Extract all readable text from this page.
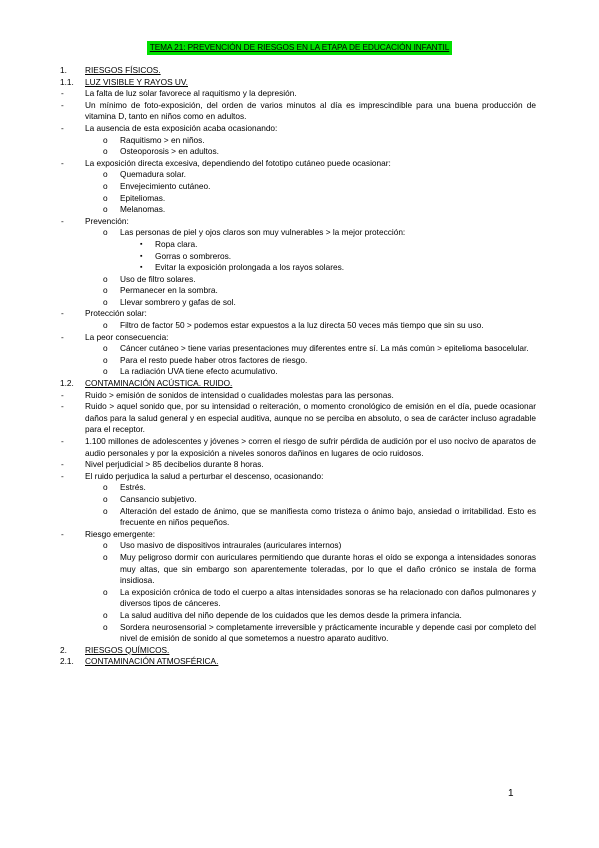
TEMA 21: PREVENCIÓN DE RIESGOS EN LA ETAPA DE EDUCACIÓN INFANTIL
1. RIESGOS FÍSICOS.
1.1. LUZ VISIBLE Y RAYOS UV.
- La falta de luz solar favorece al raquitismo y la depresión.
- Un mínimo de foto-exposición, del orden de varios minutos al día es imprescindible para una buena producción de vitamina D, tanto en niños como en adultos.
- La ausencia de esta exposición acaba ocasionando:
o Raquitismo > en niños.
o Osteoporosis > en adultos.
- La exposición directa excesiva, dependiendo del fototipo cutáneo puede ocasionar:
o Quemadura solar.
o Envejecimiento cutáneo.
o Epiteliomas.
o Melanomas.
- Prevención:
o Las personas de piel y ojos claros son muy vulnerables > la mejor protección:
▪ Ropa clara.
▪ Gorras o sombreros.
▪ Evitar la exposición prolongada a los rayos solares.
o Uso de filtro solares.
o Permanecer en la sombra.
o Llevar sombrero y gafas de sol.
- Protección solar:
o Filtro de factor 50 > podemos estar expuestos a la luz directa 50 veces más tiempo que sin su uso.
- La peor consecuencia:
o Cáncer cutáneo > tiene varias presentaciones muy diferentes entre sí. La más común > epitelioma basocelular.
o Para el resto puede haber otros factores de riesgo.
o La radiación UVA tiene efecto acumulativo.
1.2. CONTAMINACIÓN ACÚSTICA. RUIDO.
- Ruido > emisión de sonidos de intensidad o cualidades molestas para las personas.
- Ruido > aquel sonido que, por su intensidad o reiteración, o momento cronológico de emisión en el día, puede ocasionar daños para la salud general y en especial auditiva, aunque no se perciba en absoluto, o sea de carácter incluso agradable para el receptor.
- 1.100 millones de adolescentes y jóvenes > corren el riesgo de sufrir pérdida de audición por el uso nocivo de aparatos de audio personales y por la exposición a niveles sonoros dañinos en lugares de ocio ruidosos.
- Nivel perjudicial > 85 decibelios durante 8 horas.
- El ruido perjudica la salud a perturbar el descenso, ocasionando:
o Estrés.
o Cansancio subjetivo.
o Alteración del estado de ánimo, que se manifiesta como tristeza o ánimo bajo, ansiedad o irritabilidad. Esto es frecuente en niños pequeños.
- Riesgo emergente:
o Uso masivo de dispositivos intraurales (auriculares internos)
o Muy peligroso dormir con auriculares permitiendo que durante horas el oído se exponga a intensidades sonoras muy altas, que sin embargo son aparentemente toleradas, por lo que el daño crónico se instala de forma insidiosa.
o La exposición crónica de todo el cuerpo a altas intensidades sonoras se ha relacionado con daños pulmonares y diversos tipos de cánceres.
o La salud auditiva del niño depende de los cuidados que les demos desde la primera infancia.
o Sordera neurosensorial > completamente irreversible y prácticamente incurable y depende casi por completo del nivel de emisión de sonido al que sometemos a nuestro aparato auditivo.
2. RIESGOS QUÍMICOS.
2.1. CONTAMINACIÓN ATMOSFÉRICA.
1
